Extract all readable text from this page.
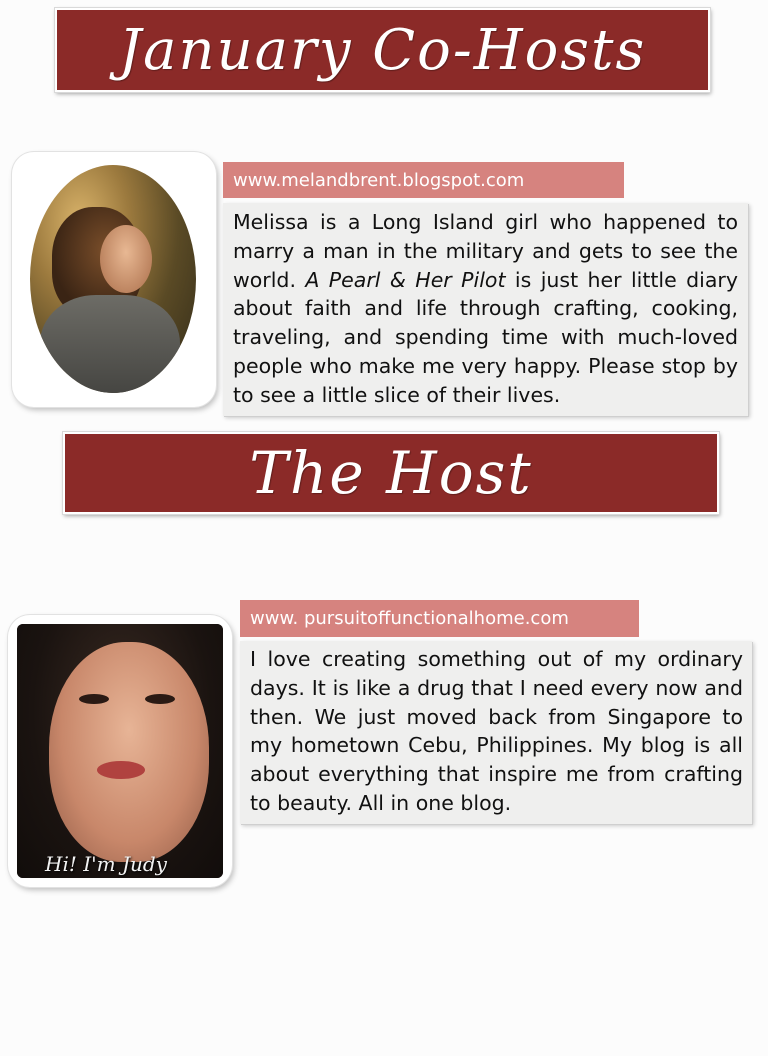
January Co-Hosts
www.melandbrent.blogspot.com
Melissa is a Long Island girl who happened to marry a man in the military and gets to see the world. A Pearl & Her Pilot is just her little diary about faith and life through crafting, cooking, traveling, and spending time with much-loved people who make me very happy. Please stop by to see a little slice of their lives.
The Host
Hi! I'm Judy
www. pursuitoffunctionalhome.com
I love creating something out of my ordinary days. It is like a drug that I need every now and then. We just moved back from Singapore to my hometown Cebu, Philippines. My blog is all about everything that inspire me from crafting to beauty. All in one blog.
